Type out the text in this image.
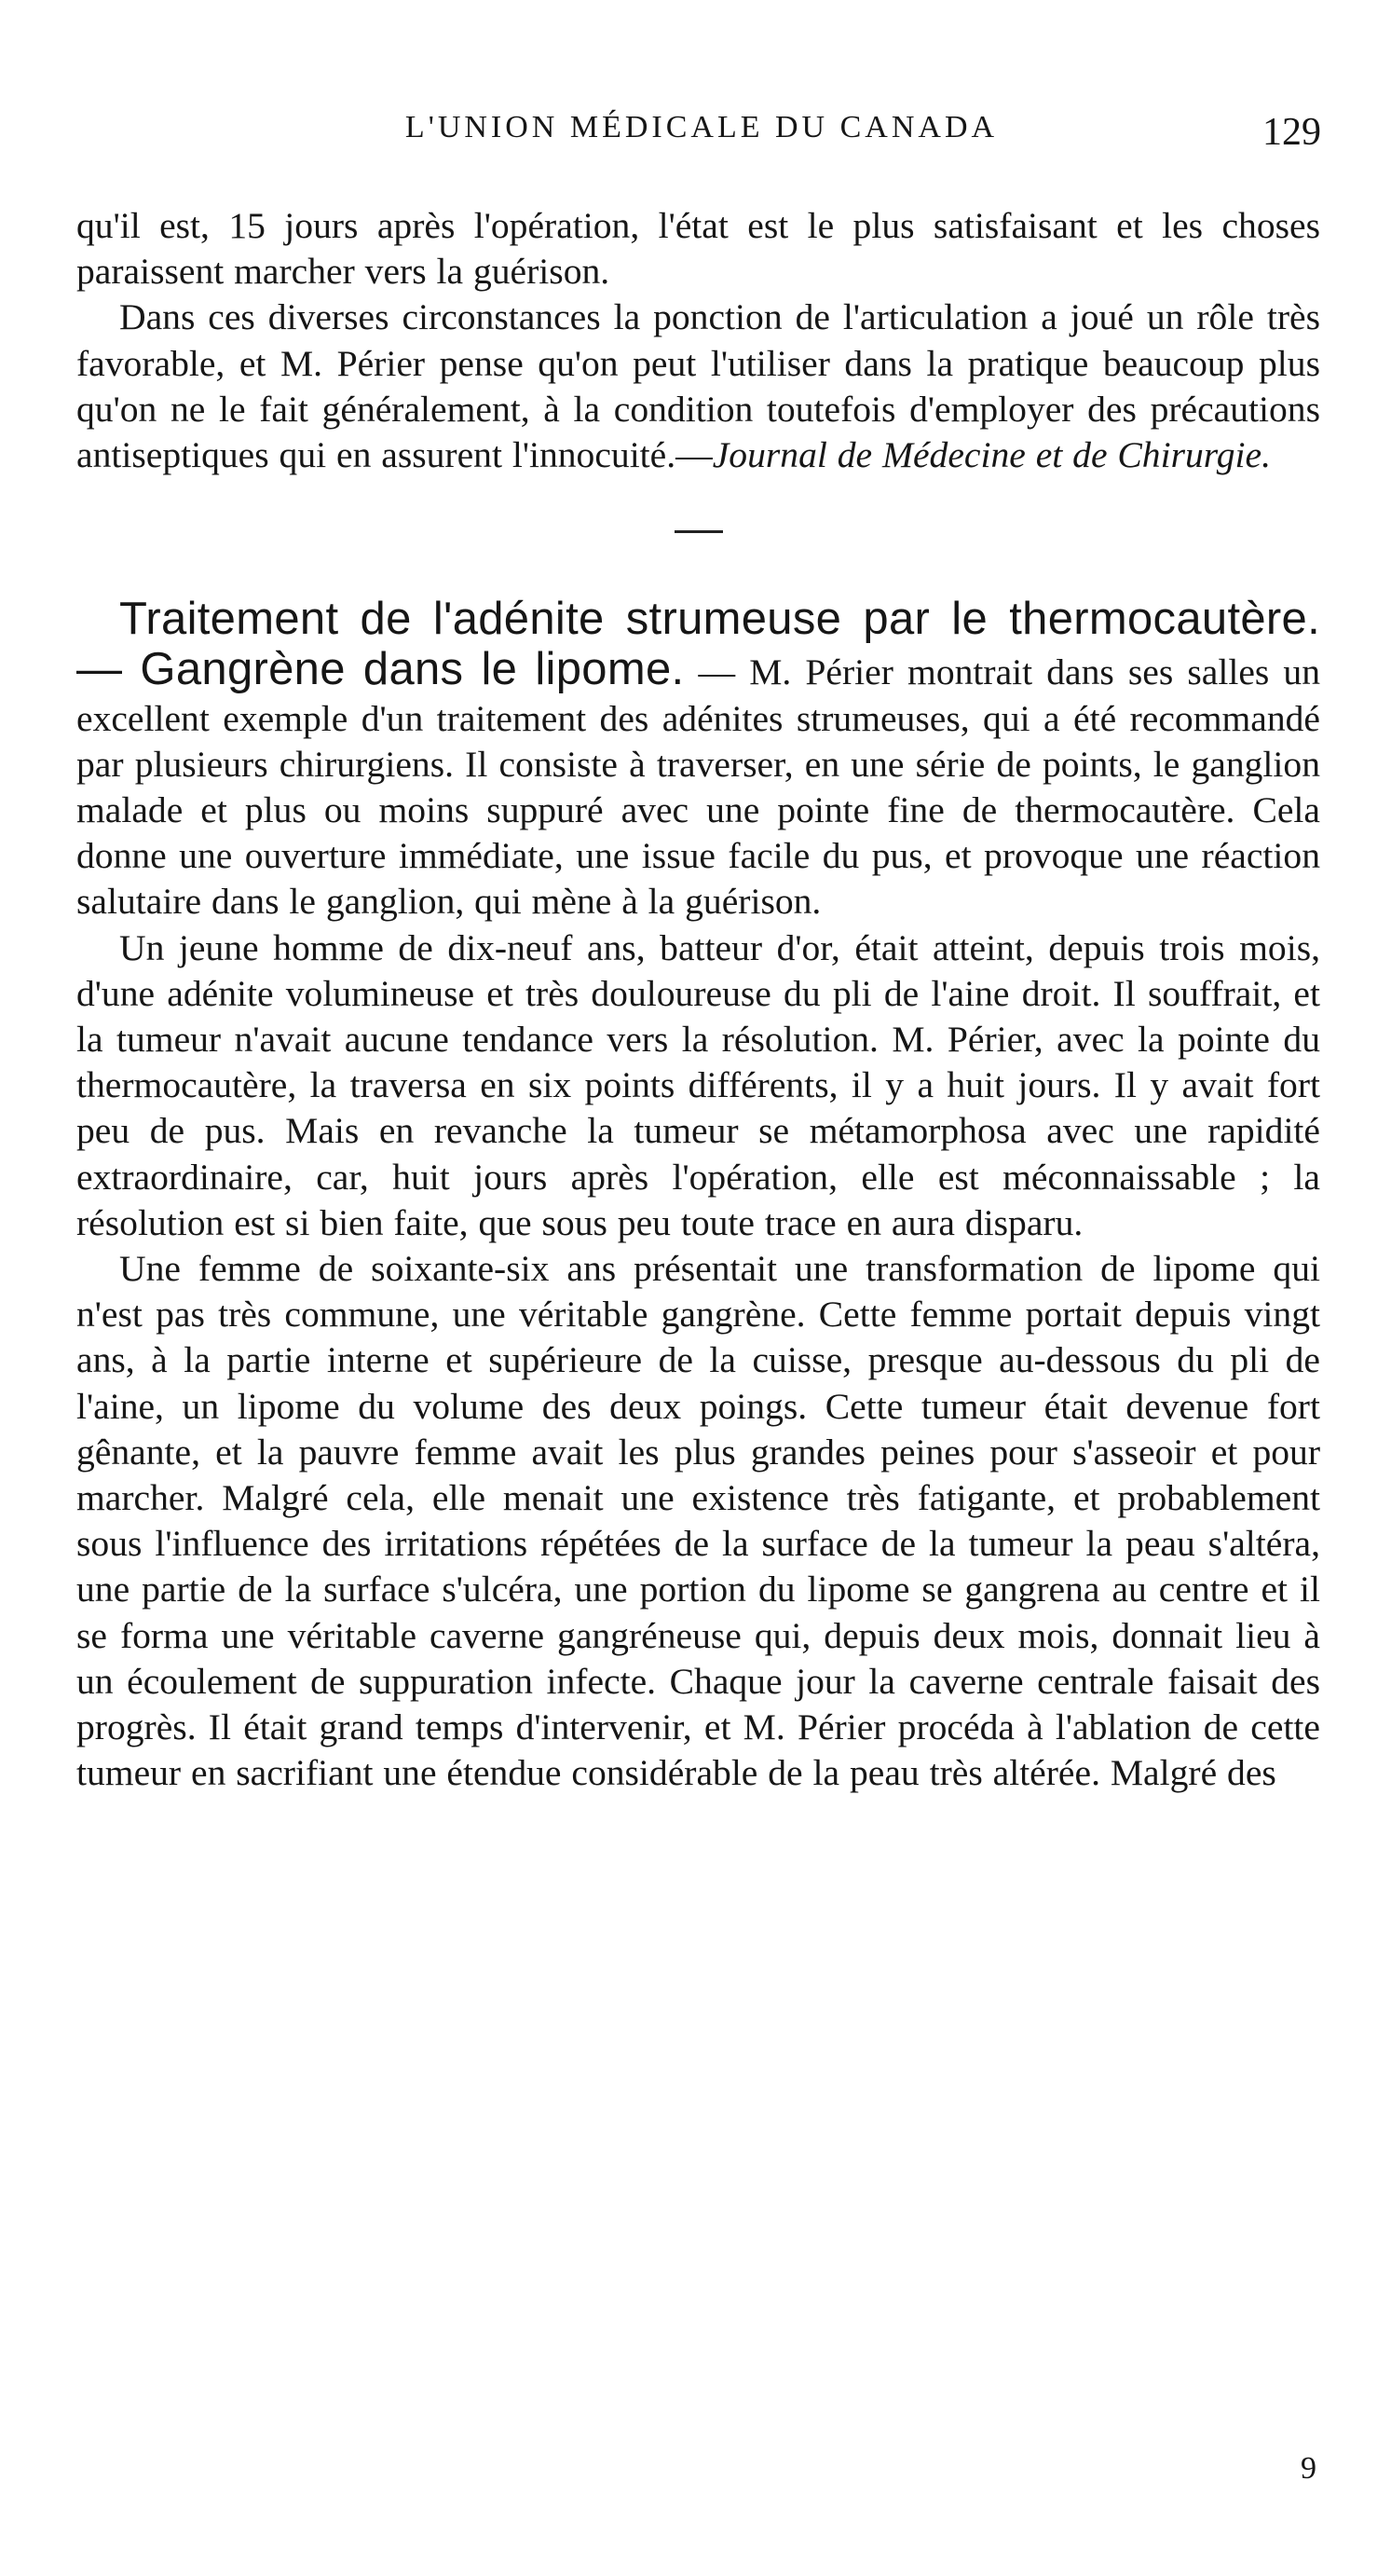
L'UNION MÉDICALE DU CANADA	129

qu'il est, 15 jours après l'opération, l'état est le plus satisfaisant et les choses paraissent marcher vers la guérison.

Dans ces diverses circonstances la ponction de l'articulation a joué un rôle très favorable, et M. Périer pense qu'on peut l'utiliser dans la pratique beaucoup plus qu'on ne le fait généralement, à la condition toutefois d'employer des précautions antiseptiques qui en assurent l'innocuité.—Journal de Médecine et de Chirurgie.

Traitement de l'adénite strumeuse par le thermocautère. — Gangrène dans le lipome. — M. Périer montrait dans ses salles un excellent exemple d'un traitement des adénites strumeuses, qui a été recommandé par plusieurs chirurgiens. Il consiste à traverser, en une série de points, le ganglion malade et plus ou moins suppuré avec une pointe fine de thermocautère. Cela donne une ouverture immédiate, une issue facile du pus, et provoque une réaction salutaire dans le ganglion, qui mène à la guérison.

Un jeune homme de dix-neuf ans, batteur d'or, était atteint, depuis trois mois, d'une adénite volumineuse et très douloureuse du pli de l'aine droit. Il souffrait, et la tumeur n'avait aucune tendance vers la résolution. M. Périer, avec la pointe du thermocautère, la traversa en six points différents, il y a huit jours. Il y avait fort peu de pus. Mais en revanche la tumeur se métamorphosa avec une rapidité extraordinaire, car, huit jours après l'opération, elle est méconnaissable ; la résolution est si bien faite, que sous peu toute trace en aura disparu.

Une femme de soixante-six ans présentait une transformation de lipome qui n'est pas très commune, une véritable gangrène. Cette femme portait depuis vingt ans, à la partie interne et supérieure de la cuisse, presque au-dessous du pli de l'aine, un lipome du volume des deux poings. Cette tumeur était devenue fort gênante, et la pauvre femme avait les plus grandes peines pour s'asseoir et pour marcher. Malgré cela, elle menait une existence très fatigante, et probablement sous l'influence des irritations répétées de la surface de la tumeur la peau s'altéra, une partie de la surface s'ulcéra, une portion du lipome se gangrena au centre et il se forma une véritable caverne gangréneuse qui, depuis deux mois, donnait lieu à un écoulement de suppuration infecte. Chaque jour la caverne centrale faisait des progrès. Il était grand temps d'intervenir, et M. Périer procéda à l'ablation de cette tumeur en sacrifiant une étendue considérable de la peau très altérée. Malgré des

9
